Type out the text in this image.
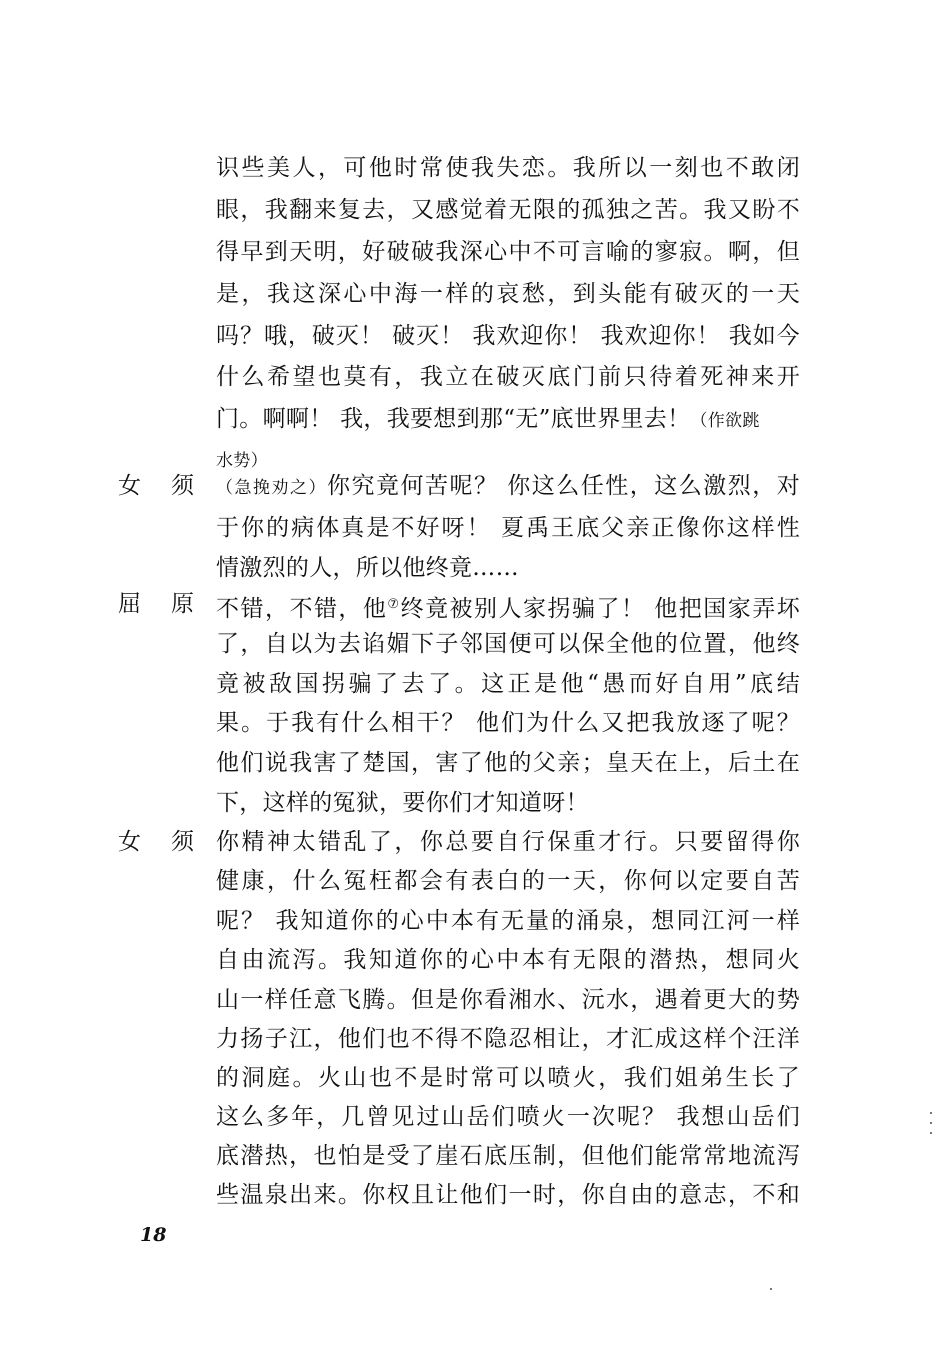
识些美人，可他时常使我失恋。我所以一刻也不敢闭
眼，我翻来复去，又感觉着无限的孤独之苦。我又盼不
得早到天明，好破破我深心中不可言喻的寥寂。啊，但
是，我这深心中海一样的哀愁，到头能有破灭的一天
吗？哦，破灭！ 破灭！ 我欢迎你！ 我欢迎你！ 我如今
什么希望也莫有，我立在破灭底门前只待着死神来开
门。啊啊！ 我，我要想到那“无”底世界里去！（作欲跳
水势）
女 须 （急挽劝之）你究竟何苦呢？ 你这么任性，这么激烈，对
于你的病体真是不好呀！ 夏禹王底父亲正像你这样性
情激烈的人，所以他终竟……
屈 原 不错，不错，他⑦终竟被别人家拐骗了！ 他把国家弄坏
了，自以为去谄媚下子邻国便可以保全他的位置，他终
竟被敌国拐骗了去了。这正是他“愚而好自用”底结
果。于我有什么相干？ 他们为什么又把我放逐了呢？
他们说我害了楚国，害了他的父亲；皇天在上，后土在
下，这样的冤狱，要你们才知道呀！
女 须 你精神太错乱了，你总要自行保重才行。只要留得你
健康，什么冤枉都会有表白的一天，你何以定要自苦
呢？ 我知道你的心中本有无量的涌泉，想同江河一样
自由流泻。我知道你的心中本有无限的潜热，想同火
山一样任意飞腾。但是你看湘水、沅水，遇着更大的势
力扬子江，他们也不得不隐忍相让，才汇成这样个汪洋
的洞庭。火山也不是时常可以喷火，我们姐弟生长了
这么多年，几曾见过山岳们喷火一次呢？ 我想山岳们
底潜热，也怕是受了崖石底压制，但他们能常常地流泻
些温泉出来。你权且让他们一时，你自由的意志，不和
18
